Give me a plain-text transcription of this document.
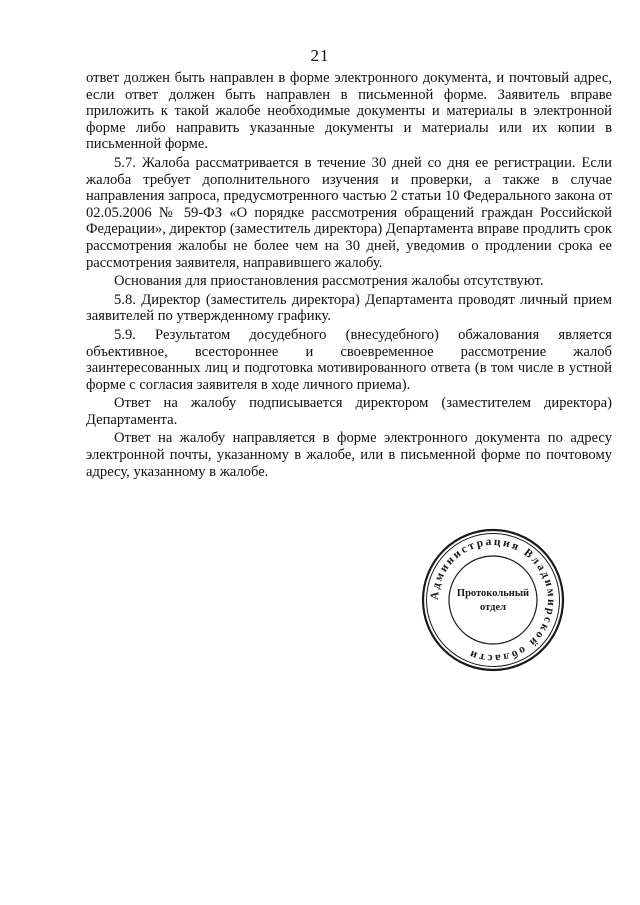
21

ответ должен быть направлен в форме электронного документа, и почтовый адрес, если ответ должен быть направлен в письменной форме. Заявитель вправе приложить к такой жалобе необходимые документы и материалы в электронной форме либо направить указанные документы и материалы или их копии в письменной форме.

5.7. Жалоба рассматривается в течение 30 дней со дня ее регистрации. Если жалоба требует дополнительного изучения и проверки, а также в случае направления запроса, предусмотренного частью 2 статьи 10 Федерального закона от 02.05.2006 № 59-ФЗ «О порядке рассмотрения обращений граждан Российской Федерации», директор (заместитель директора) Департамента вправе продлить срок рассмотрения жалобы не более чем на 30 дней, уведомив о продлении срока ее рассмотрения заявителя, направившего жалобу.

Основания для приостановления рассмотрения жалобы отсутствуют.

5.8. Директор (заместитель директора) Департамента проводят личный прием заявителей по утвержденному графику.

5.9. Результатом досудебного (внесудебного) обжалования является объективное, всестороннее и своевременное рассмотрение жалоб заинтересованных лиц и подготовка мотивированного ответа (в том числе в устной форме с согласия заявителя в ходе личного приема).

Ответ на жалобу подписывается директором (заместителем директора) Департамента.

Ответ на жалобу направляется в форме электронного документа по адресу электронной почты, указанному в жалобе, или в письменной форме по почтовому адресу, указанному в жалобе.

Администрация Владимирской области
Протокольный
отдел
